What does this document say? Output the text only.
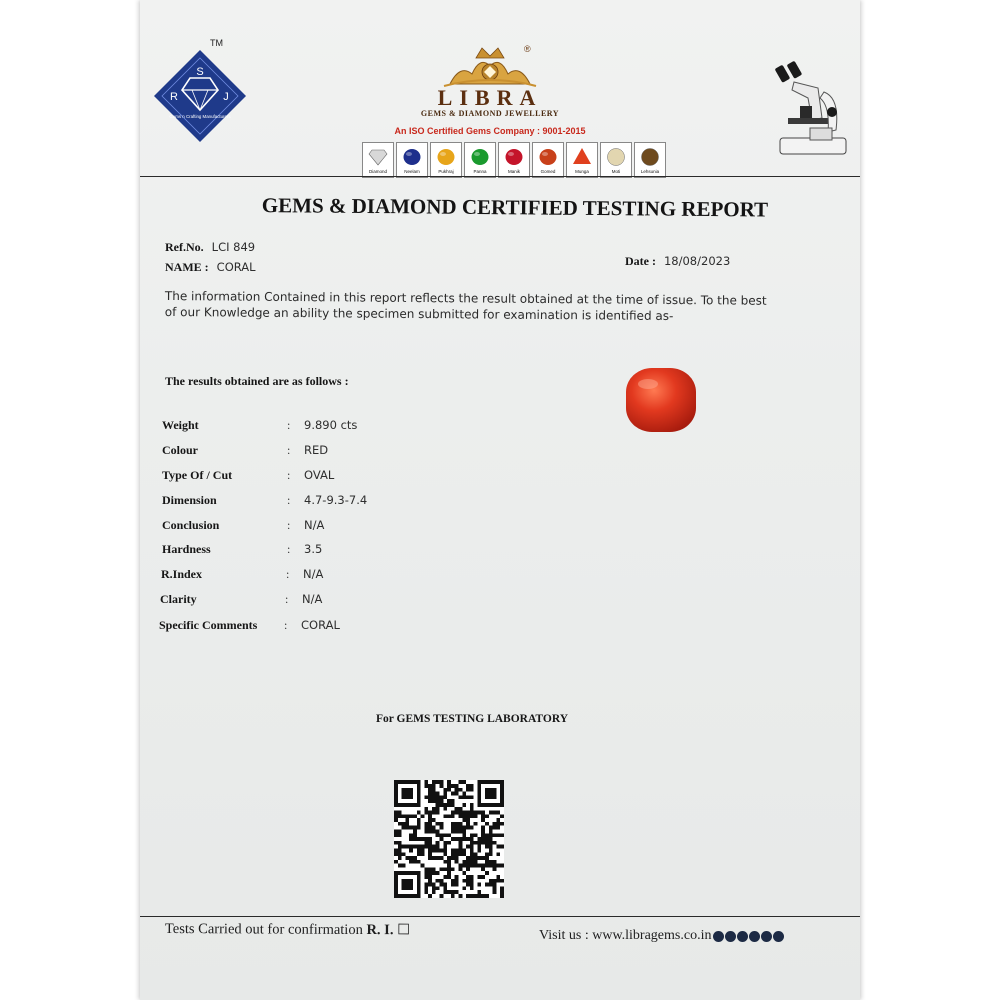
S
R	J
Gems n Crafting Manufacturers
TM
®
LIBRA
GEMS & DIAMOND JEWELLERY
An ISO Certified Gems Company : 9001-2015
Diamond	Neelam	Pukhraj	Panna	Manik	Gomed	Munga	Moti	Lehsunia
GEMS & DIAMOND CERTIFIED TESTING REPORT
Ref.No. LCI 849
NAME : CORAL	Date : 18/08/2023
The information Contained in this report reflects the result obtained at the time of issue. To the best of our Knowledge an ability the specimen submitted for examination is identified as-
The results obtained are as follows :
Weight	: 9.890 cts
Colour	: RED
Type Of / Cut	: OVAL
Dimension	: 4.7-9.3-7.4
Conclusion	: N/A
Hardness	: 3.5
R.Index	: N/A
Clarity	: N/A
Specific Comments	: CORAL
For GEMS TESTING LABORATORY
Tests Carried out for confirmation R. I. ☐	Visit us : www.libragems.co.in
